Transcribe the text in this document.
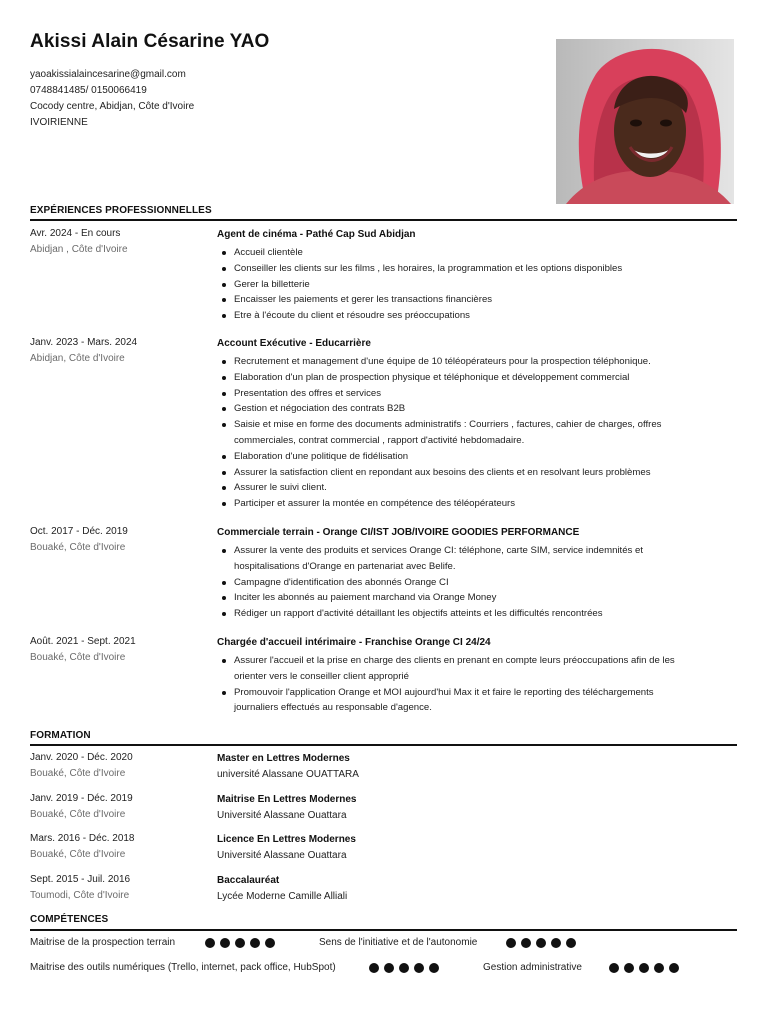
Akissi Alain Césarine YAO
yaoakissialaincesarine@gmail.com
0748841485/ 0150066419
Cocody centre, Abidjan, Côte d'Ivoire
IVOIRIENNE
EXPÉRIENCES PROFESSIONNELLES
Avr. 2024 - En cours
Abidjan , Côte d'Ivoire
Agent de cinéma - Pathé Cap Sud Abidjan
Accueil clientèle
Conseiller les clients sur les films , les horaires, la programmation et les options disponibles
Gerer la billetterie
Encaisser les paiements et gerer les transactions financières
Etre à l'écoute du client et résoudre ses préoccupations
Janv. 2023 - Mars. 2024
Abidjan, Côte d'Ivoire
Account Exécutive - Educarrière
Recrutement et management d'une équipe de 10 téléopérateurs pour la prospection téléphonique.
Elaboration d'un plan de prospection physique et téléphonique et développement commercial
Presentation des offres et services
Gestion et négociation des contrats B2B
Saisie et mise en forme des documents administratifs : Courriers , factures, cahier de charges, offres commerciales, contrat commercial , rapport d'activité hebdomadaire.
Elaboration d'une politique de fidélisation
Assurer la satisfaction client en repondant aux besoins des clients et en resolvant leurs problèmes
Assurer le suivi client.
Participer et assurer la montée en compétence des téléopérateurs
Oct. 2017 - Déc. 2019
Bouaké, Côte d'Ivoire
Commerciale terrain - Orange CI/IST JOB/IVOIRE GOODIES PERFORMANCE
Assurer la vente des produits et services Orange CI: téléphone, carte SIM, service indemnités et hospitalisations d'Orange en partenariat avec Belife.
Campagne d'identification des abonnés Orange CI
Inciter les abonnés au paiement marchand via Orange Money
Rédiger un rapport d'activité détaillant les objectifs atteints et les difficultés rencontrées
Août. 2021 - Sept. 2021
Bouaké, Côte d'Ivoire
Chargée d'accueil intérimaire - Franchise Orange CI 24/24
Assurer l'accueil et la prise en charge des clients en prenant en compte leurs préoccupations afin de les orienter vers le conseiller client approprié
Promouvoir l'application Orange et MOI aujourd'hui Max it et faire le reporting des téléchargements journaliers effectués au responsable d'agence.
FORMATION
Janv. 2020 - Déc. 2020
Bouaké, Côte d'Ivoire
Master en Lettres Modernes
université Alassane OUATTARA
Janv. 2019 - Déc. 2019
Bouaké, Côte d'Ivoire
Maitrise En Lettres Modernes
Université Alassane Ouattara
Mars. 2016 - Déc. 2018
Bouaké, Côte d'Ivoire
Licence En Lettres Modernes
Université Alassane Ouattara
Sept. 2015 - Juil. 2016
Toumodi, Côte d'Ivoire
Baccalauréat
Lycée Moderne Camille Alliali
COMPÉTENCES
Maitrise de la prospection terrain	Sens de l'initiative et de l'autonomie
Maitrise des outils numériques (Trello, internet, pack office, HubSpot)	Gestion administrative
